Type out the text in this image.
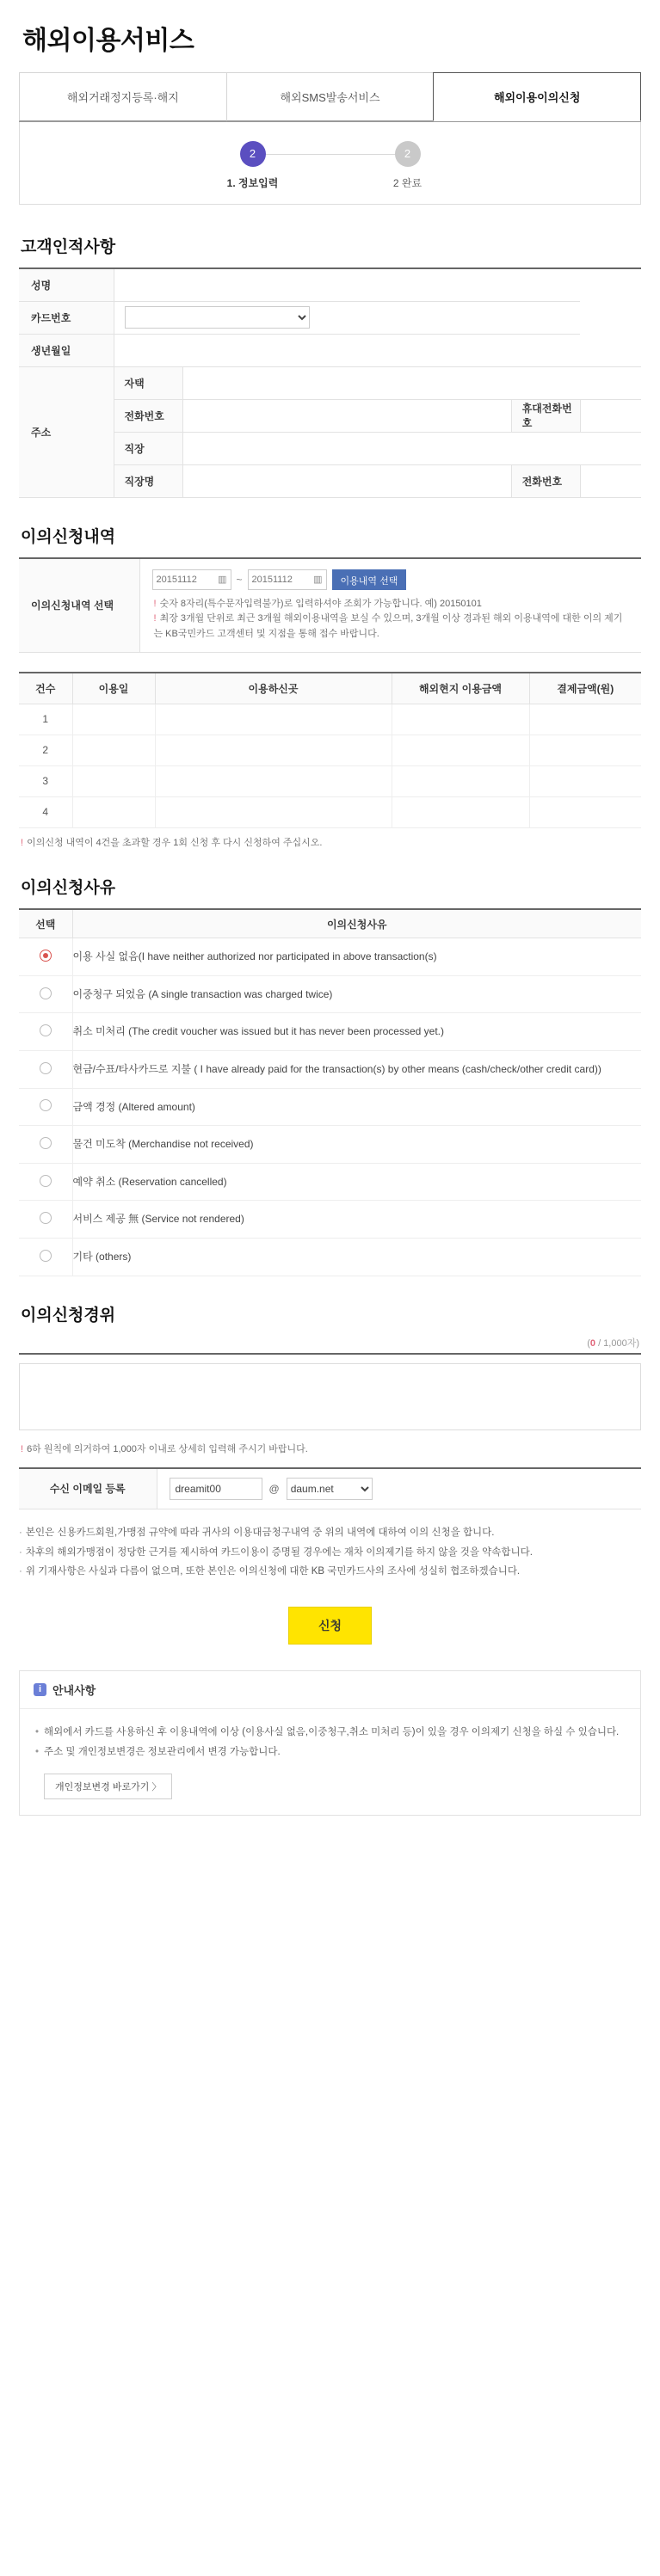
해외이용서비스
해외거래정지등록·해지	해외SMS발송서비스	해외이용이의신청
2
1. 정보입력
2
2 완료
고객인적사항
성명				
카드번호	

생년월일				
주소	자택			
	전화번호		휴대전화번호	
	직장			
	직장명		전화번호	
이의신청내역
이의신청내역 선택	
20151112 ▥ ~ 20151112 ▥	이용내역 선택
! 숫자 8자리(특수문자입력불가)로 입력하셔야 조회가 가능합니다. 예) 20150101
! 최장 3개월 단위로 최근 3개월 해외이용내역을 보실 수 있으며, 3개월 이상 경과된 해외 이용내역에 대한 이의 제기는 KB국민카드 고객센터 및 지점을 통해 접수 바랍니다.
건수	이용일	이용하신곳	해외현지 이용금액	결제금액(원)
1				
2				
3				
4				
! 이의신청 내역이 4건을 초과할 경우 1회 신청 후 다시 신청하여 주십시오.
이의신청사유
선택	이의신청사유
	이용 사실 없음(I have neither authorized nor participated in above transaction(s)
	이중청구 되었음 (A single transaction was charged twice)
	취소 미처리 (The credit voucher was issued but it has never been processed yet.)
	현금/수표/타사카드로 지불 ( I have already paid for the transaction(s) by other means (cash/check/other credit card))
	금액 경정 (Altered amount)
	물건 미도착 (Merchandise not received)
	예약 취소 (Reservation cancelled)
	서비스 제공 無 (Service not rendered)
	기타 (others)
이의신청경위
(0 / 1,000자)
! 6하 원칙에 의거하여 1,000자 이내로 상세히 입력해 주시기 바랍니다.
수신 이메일 등록	
dreamit00@
daum.net

· 본인은 신용카드회원,가맹점 규약에 따라 귀사의 이용대금청구내역 중 위의 내역에 대하여 이의 신청을 합니다.

· 차후의 해외가맹점이 정당한 근거를 제시하여 카드이용이 증명될 경우에는 재차 이의제기를 하지 않을 것을 약속합니다.

· 위 기재사항은 사실과 다름이 없으며, 또한 본인은 이의신청에 대한 KB 국민카드사의 조사에 성실히 협조하겠습니다.

신청
i 안내사항

• 해외에서 카드를 사용하신 후 이용내역에 이상 (이용사실 없음,이중청구,취소 미처리 등)이 있을 경우 이의제기 신청을 하실 수 있습니다.

• 주소 및 개인정보변경은 정보관리에서 변경 가능합니다.

개인정보변경 바로가기 〉
